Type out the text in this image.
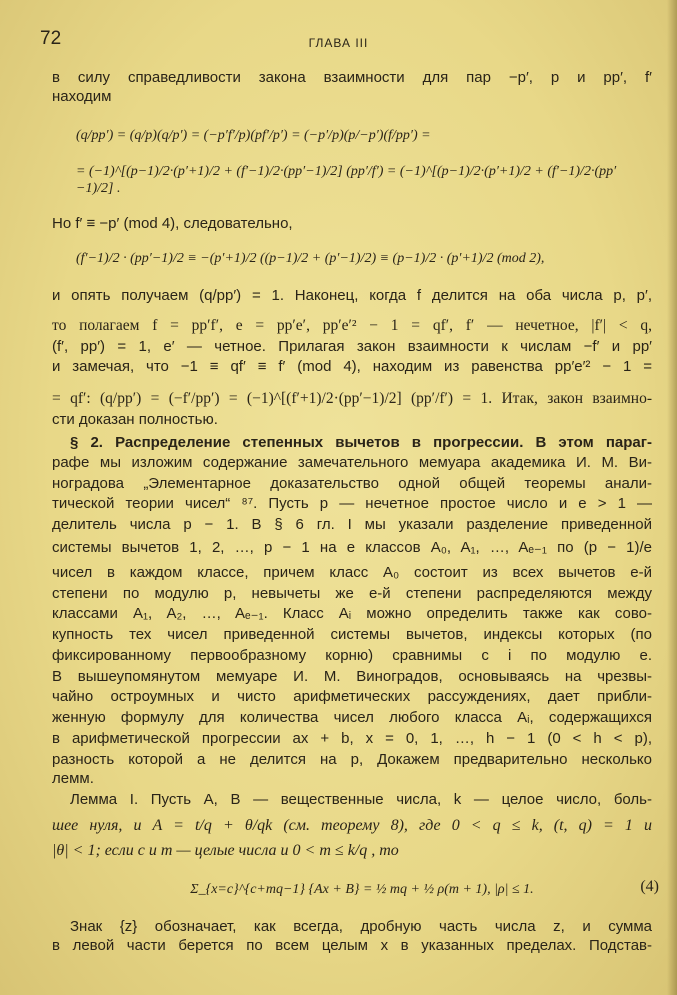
72	ГЛАВА III
в силу справедливости закона взаимности для пар −p′, p и pp′, f′
находим
(q/pp′) = (q/p)(q/p′) = (−p′f′/p)(pf′/p′) = (−p′/p)(p/−p′)(f/pp′) =
= (−1)^[(p−1)/2·(p′+1)/2 + (f′−1)/2·(pp′−1)/2] (pp′/f′) = (−1)^[(p−1)/2·(p′+1)/2 + (f′−1)/2·(pp′−1)/2] .
Но f′ ≡ −p′ (mod 4), следовательно,
(f′−1)/2 · (pp′−1)/2 ≡ −(p′+1)/2 ((p−1)/2 + (p′−1)/2) ≡ (p−1)/2 · (p′+1)/2 (mod 2),
и опять получаем (q/pp′) = 1. Наконец, когда f делится на оба числа p, p′,
то полагаем f = pp′f′, e = pp′e′, pp′e′² − 1 = qf′, f′ — нечетное, |f′| < q,
(f′, pp′) = 1, e′ — четное. Прилагая закон взаимности к числам −f′ и pp′
и замечая, что −1 ≡ qf′ ≡ f′ (mod 4), находим из равенства pp′e′² − 1 =
= qf′: (q/pp′) = (−f′/pp′) = (−1)^[(f′+1)/2·(pp′−1)/2] (pp′/f′) = 1. Итак, закон взаимно-
сти доказан полностью.
§ 2. Распределение степенных вычетов в прогрессии. В этом параг-
рафе мы изложим содержание замечательного мемуара академика И. М. Ви-
ноградова „Элементарное доказательство одной общей теоремы анали-
тической теории чисел“ ⁸⁷. Пусть p — нечетное простое число и e > 1 —
делитель числа p − 1. В § 6 гл. I мы указали разделение приведенной
системы вычетов 1, 2, …, p − 1 на e классов A₀, A₁, …, Aₑ₋₁ по (p − 1)/e
чисел в каждом классе, причем класс A₀ состоит из всех вычетов e-й
степени по модулю p, невычеты же e-й степени распределяются между
классами A₁, A₂, …, Aₑ₋₁. Класс Aᵢ можно определить также как сово-
купность тех чисел приведенной системы вычетов, индексы которых (по
фиксированному первообразному корню) сравнимы с i по модулю e.
В вышеупомянутом мемуаре И. М. Виноградов, основываясь на чрезвы-
чайно остроумных и чисто арифметических рассуждениях, дает прибли-
женную формулу для количества чисел любого класса Aᵢ, содержащихся
в арифметической прогрессии ax + b, x = 0, 1, …, h − 1 (0 < h < p),
разность которой a не делится на p, Докажем предварительно несколько
лемм.
Лемма I. Пусть A, B — вещественные числа, k — целое число, боль-
шее нуля, и A = t/q + θ/qk (см. теорему 8), где 0 < q ≤ k, (t, q) = 1 и
|θ| < 1; если c и m — целые числа и 0 < m ≤ k/q , то
Σ_{x=c}^{c+mq−1} {Ax + B} = ½ mq + ½ ρ(m + 1), |ρ| ≤ 1.
Знак {z} обозначает, как всегда, дробную часть числа z, и сумма
в левой части берется по всем целым x в указанных пределах. Подстав-
(4)
